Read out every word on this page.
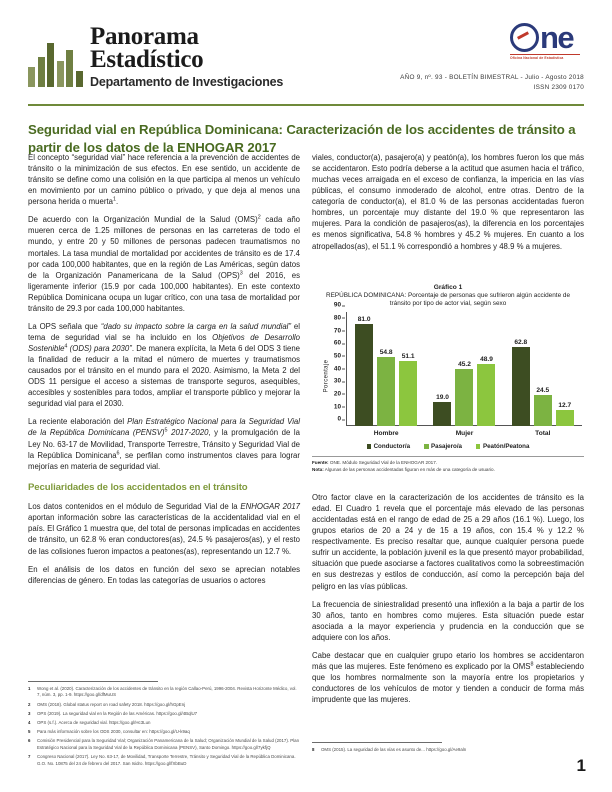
Panorama
Estadístico
Departamento de Investigaciones
ne
Oficina Nacional de Estadística
AÑO 9, nº. 93 - BOLETÍN BIMESTRAL - Julio - Agosto 2018
ISSN 2309 0170
Seguridad vial en República Dominicana: Caracterización de los accidentes de tránsito a partir de los datos de la ENHOGAR 2017

El concepto “seguridad vial” hace referencia a la prevención de accidentes de tránsito o la minimización de sus efectos. En ese sentido, un accidente de tránsito se define como una colisión en la que participa al menos un vehículo en movimiento por un camino público o privado, y que deja al menos una persona herida o muerta$^1$.

De acuerdo con la Organización Mundial de la Salud (OMS)$^2$ cada año mueren cerca de 1.25 millones de personas en las carreteras de todo el mundo, y entre 20 y 50 millones de personas padecen traumatismos no mortales. La tasa mundial de mortalidad por accidentes de tránsito es de 17.4 por cada 100,000 habitantes, que en la región de Las Américas, según datos de la Organización Panamericana de la Salud (OPS)$^3$ del 2016, es ligeramente inferior (15.9 por cada 100,000 habitantes). En este contexto República Dominicana ocupa un lugar crítico, con una tasa de mortalidad por tránsito de 29.3 por cada 100,000 habitantes.

La OPS señala que “dado su impacto sobre la carga en la salud mundial” el tema de seguridad vial se ha incluido en los Objetivos de Desarrollo Sostenible$^4$ (ODS) para 2030”. De manera explícita, la Meta 6 del ODS 3 tiene la finalidad de reducir a la mitad el número de muertes y traumatismos causados por el tránsito en el mundo para el 2020. Asimismo, la Meta 2 del ODS 11 persigue el acceso a sistemas de transporte seguros, asequibles, accesibles y sostenibles para todos, ampliar el transporte público y mejorar la seguridad vial para el 2030.

La reciente elaboración del Plan Estratégico Nacional para la Seguridad Vial de la República Dominicana (PENSV)$^5$ 2017-2020, y la promulgación de la Ley No. 63-17 de Movilidad, Transporte Terrestre, Tránsito y Seguridad Vial de la República Dominicana$^6$, se perfilan como instrumentos claves para lograr mejorías en materia de seguridad vial.

Peculiaridades de los accidentados en el tránsito

Los datos contenidos en el módulo de Seguridad Vial de la ENHOGAR 2017 aportan información sobre las características de la accidentalidad vial en el país. El Gráfico 1 muestra que, del total de personas implicadas en accidentes de tránsito, un 62.8 % eran conductores(as), 24.5 % pasajeros(as), y el resto de las colisiones fueron impactos a peatones(as), representando un 12.7 %.

En el análisis de los datos en función del sexo se aprecian notables diferencias de género. En todas las categorías de usuarios o actores

1	Wong et al. (2020). Caracterización de los accidentes de tránsito en la región Callao-Perú, 1996-2004. Revista Horizonte Médico, vol. 7, núm. 3, pp. 1-9. https://goo.gl/dfMuUS
2	OMS (2018). Global status report on road safety 2018. https://goo.gl/hGpEnj
3	OPS (2019). La seguridad vial en la Región de las Américas. https://goo.gl/4BqlU7
4	OPS (s.f.). Acerca de seguridad vial. https://goo.gl/Hc3Lun
5	Para más información sobre los ODS 2030, consultar en: https://goo.gl/U-k9aq
6	Comisión Presidencial para la Seguridad Vial; Organización Panamericana de la Salud; Organización Mundial de la Salud (2017). Plan Estratégico Nacional para la Seguridad Vial de la República Dominicana (PENSV), Santo Domingo. https://goo.gl/7ykfjQ
7	Congreso Nacional (2017). Ley No. 63-17, de Movilidad, Transporte Terrestre, Tránsito y Seguridad Vial de la República Dominicana. G.O. No. 10875 del 24 de febrero del 2017. San Isidro. https://goo.gl/fXbBuD

viales, conductor(a), pasajero(a) y peatón(a), los hombres fueron los que más se accidentaron. Esto podría deberse a la actitud que asumen hacia el tráfico, muchas veces arraigada en el exceso de confianza, la impericia en las vías públicas, el consumo inmoderado de alcohol, entre otras. Dentro de la categoría de conductor(a), el 81.0 % de las personas accidentadas fueron hombres, un porcentaje muy distante del 19.0 % que representaron las mujeres. Para la condición de pasajeros(as), la diferencia en los porcentajes es menos significativa, 54.8 % hombres y 45.2 % mujeres. En cuanto a los atropellados(as), el 51.1 % correspondió a hombres y 48.9 % a mujeres.

Gráfico 1
REPÚBLICA DOMINICANA: Porcentaje de personas que sufrieron algún accidente de tránsito por tipo de actor vial, según sexo
Porcentaje
0
10
20
30
40
50
60
70
80
90
81.0
54.8
51.1
19.0
45.2
48.9
62.8
24.5
12.7
Hombre	Mujer	Total
Conductor/a	Pasajero/a	Peatón/Peatona
Fuente: ONE. Módulo Seguridad Vial de la ENHOGAR 2017.
Nota: Algunas de las personas accidentadas figuran en más de una categoría de usuario.

Otro factor clave en la caracterización de los accidentes de tránsito es la edad. El Cuadro 1 revela que el porcentaje más elevado de las personas accidentadas está en el rango de edad de 25 a 29 años (16.1 %). Luego, los grupos etarios de 20 a 24 y de 15 a 19 años, con 15.4 % y 12.2 % respectivamente. Es preciso resaltar que, aunque cualquier persona puede sufrir un accidente, la población juvenil es la que presentó mayor probabilidad, situación que puede asociarse a factores cualitativos como la sobreestimación en sus destrezas y estilos de conducción, así como la percepción baja del peligro en las vías públicas.

La frecuencia de siniestralidad presentó una inflexión a la baja a partir de los 30 años, tanto en hombres como mujeres. Esta situación puede estar asociada a la mayor experiencia y prudencia en la conducción que se adquiere con los años.

Cabe destacar que en cualquier grupo etario los hombres se accidentaron más que las mujeres. Este fenómeno es explicado por la OMS$^8$ estableciendo que los hombres normalmente son la mayoría entre los propietarios y conductores de los vehículos de motor y tienden a conducir de forma más imprudente que las mujeres.

8	OMS (2015). La seguridad de las vías es asunto de... https://goo.gl/Ae9aln
1
